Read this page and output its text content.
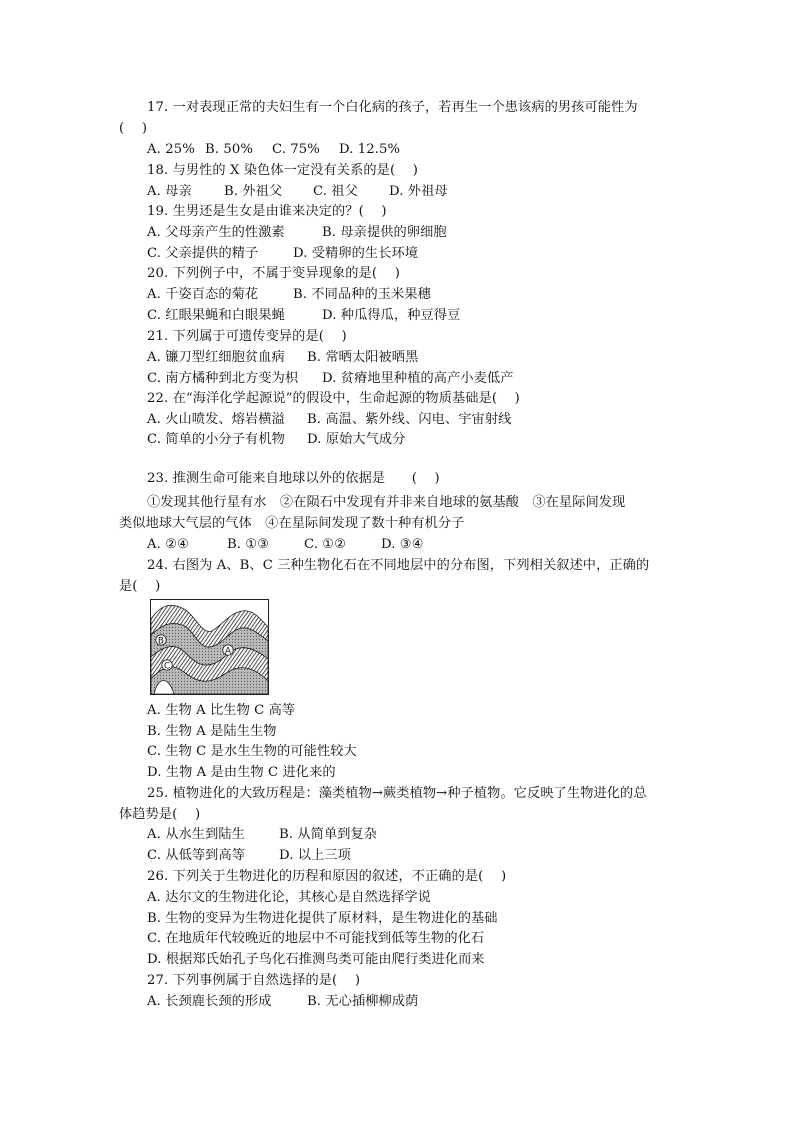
17. 一对表现正常的夫妇生有一个白化病的孩子，若再生一个患该病的男孩可能性为
(　 )
A. 25% B. 50% C. 75% D. 12.5%
18. 与男性的 X 染色体一定没有关系的是(　 )
A. 母亲 B. 外祖父 C. 祖父 D. 外祖母
19. 生男还是生女是由谁来决定的？(　 )
A. 父母亲产生的性激素	B. 母亲提供的卵细胞
C. 父亲提供的精子	D. 受精卵的生长环境
20. 下列例子中，不属于变异现象的是(　 )
A. 千姿百态的菊花	B. 不同品种的玉米果穗
C. 红眼果蝇和白眼果蝇	D. 种瓜得瓜，种豆得豆
21. 下列属于可遗传变异的是(　 )
A. 镰刀型红细胞贫血病 B. 常晒太阳被晒黑
C. 南方橘种到北方变为枳 D. 贫瘠地里种植的高产小麦低产
22. 在“海洋化学起源说”的假设中，生命起源的物质基础是(　 )
A. 火山喷发、熔岩横溢 B. 高温、紫外线、闪电、宇宙射线
C. 简单的小分子有机物 D. 原始大气成分
23. 推测生命可能来自地球以外的依据是　　(　 )
①发现其他行星有水　②在陨石中发现有并非来自地球的氨基酸　③在星际间发现
类似地球大气层的气体　④在星际间发现了数十种有机分子
A. ②④	B. ①③	C. ①②	D. ③④
24. 右图为 A、B、C 三种生物化石在不同地层中的分布图，下列相关叙述中，正确的
是(　 )
B
A
C
A. 生物 A 比生物 C 高等
B. 生物 A 是陆生生物
C. 生物 C 是水生生物的可能性较大
D. 生物 A 是由生物 C 进化来的
25. 植物进化的大致历程是：藻类植物→蕨类植物→种子植物。它反映了生物进化的总
体趋势是(　 )
A. 从水生到陆生	B. 从简单到复杂
C. 从低等到高等	D. 以上三项
26. 下列关于生物进化的历程和原因的叙述，不正确的是(　 )
A. 达尔文的生物进化论，其核心是自然选择学说
B. 生物的变异为生物进化提供了原材料，是生物进化的基础
C. 在地质年代较晚近的地层中不可能找到低等生物的化石
D. 根据郑氏始孔子鸟化石推测鸟类可能由爬行类进化而来
27. 下列事例属于自然选择的是(　 )
A. 长颈鹿长颈的形成	B. 无心插柳柳成荫
